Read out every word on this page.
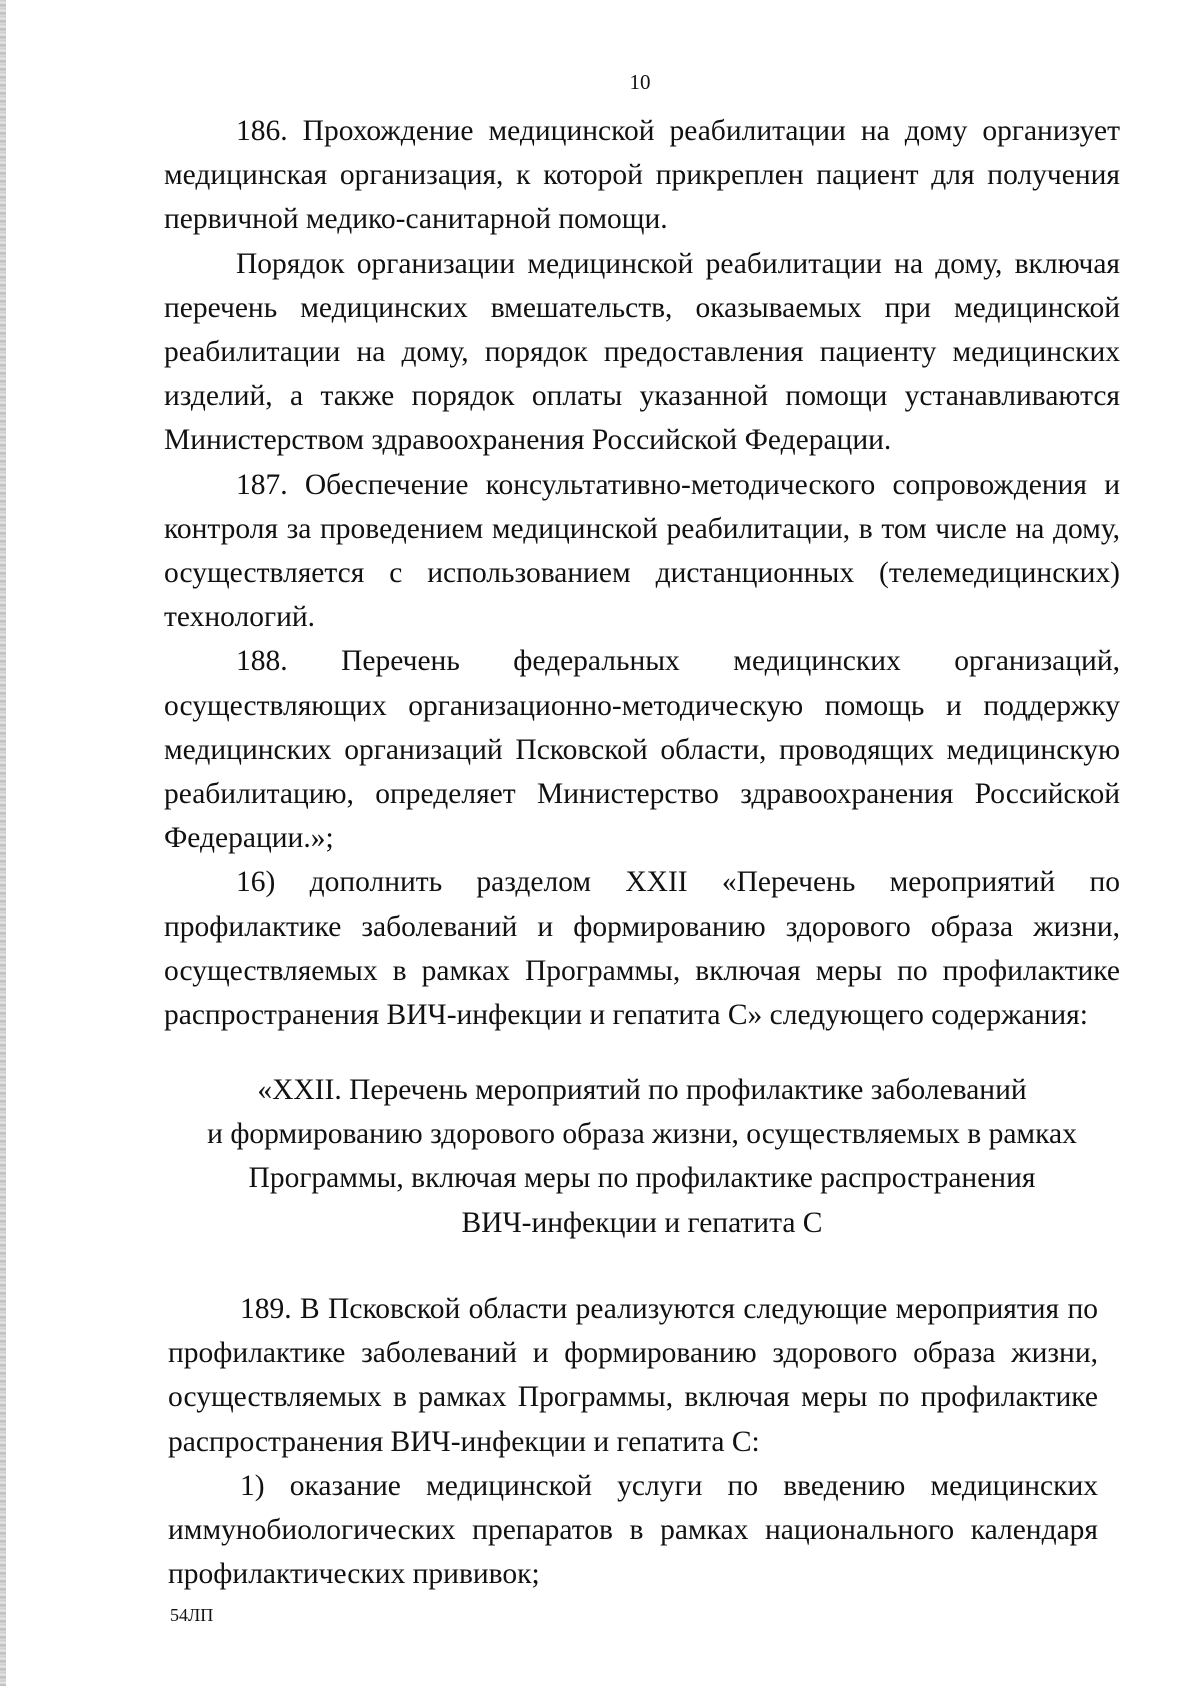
10

186. Прохождение медицинской реабилитации на дому организует медицинская организация, к которой прикреплен пациент для получения первичной медико-санитарной помощи.

Порядок организации медицинской реабилитации на дому, включая перечень медицинских вмешательств, оказываемых при медицинской реабилитации на дому, порядок предоставления пациенту медицинских изделий, а также порядок оплаты указанной помощи устанавливаются Министерством здравоохранения Российской Федерации.

187. Обеспечение консультативно-методического сопровождения и контроля за проведением медицинской реабилитации, в том числе на дому, осуществляется с использованием дистанционных (телемедицинских) технологий.

188. Перечень федеральных медицинских организаций, осуществляющих организационно-методическую помощь и поддержку медицинских организаций Псковской области, проводящих медицинскую реабилитацию, определяет Министерство здравоохранения Российской Федерации.»;

16) дополнить разделом XXII «Перечень мероприятий по профилактике заболеваний и формированию здорового образа жизни, осуществляемых в рамках Программы, включая меры по профилактике распространения ВИЧ-инфекции и гепатита С» следующего содержания:

«XXII. Перечень мероприятий по профилактике заболеваний
и формированию здорового образа жизни, осуществляемых в рамках
Программы, включая меры по профилактике распространения
ВИЧ-инфекции и гепатита С

189. В Псковской области реализуются следующие мероприятия по профилактике заболеваний и формированию здорового образа жизни, осуществляемых в рамках Программы, включая меры по профилактике распространения ВИЧ-инфекции и гепатита С:

1) оказание медицинской услуги по введению медицинских иммунобиологических препаратов в рамках национального календаря профилактических прививок;

54ЛП
